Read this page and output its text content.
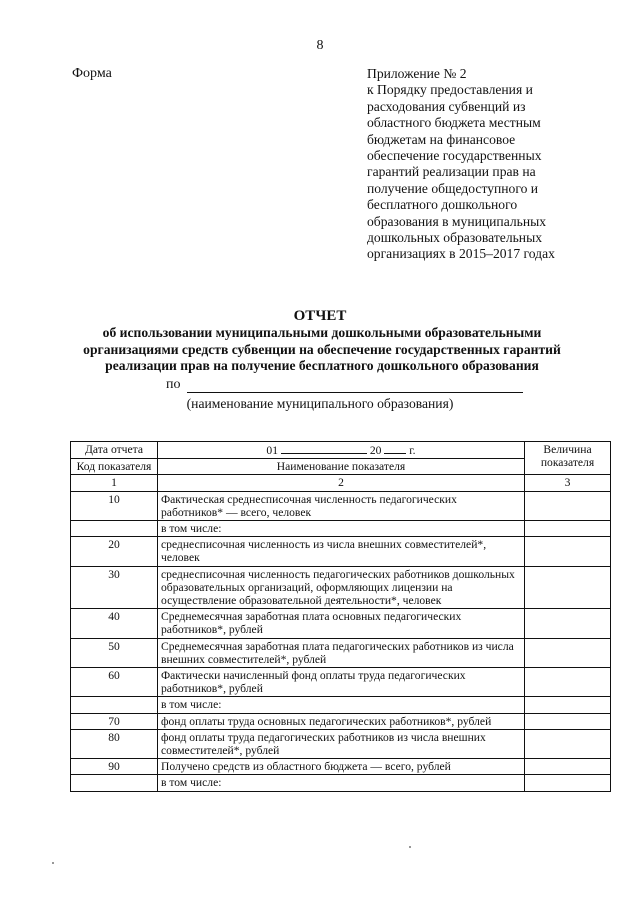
8
Форма	Приложение № 2
к Порядку предоставления и
расходования субвенций из
областного бюджета местным
бюджетам на финансовое
обеспечение государственных
гарантий реализации прав на
получение общедоступного и
бесплатного дошкольного
образования в муниципальных
дошкольных образовательных
организациях в 2015–2017 годах
ОТЧЕТ
об использовании муниципальными дошкольными образовательными
организациями средств субвенции на обеспечение государственных гарантий
реализации прав на получение бесплатного дошкольного образования
по
(наименование муниципального образования)
Дата отчета	01 20 г.	Величина показателя
Код показателя	Наименование показателя	
1	2	3
10	Фактическая среднесписочная численность педагогических работников* — всего, человек	
	в том числе:	
20	среднесписочная численность из числа внешних совместителей*, человек	
30	среднесписочная численность педагогических работников дошкольных образовательных организаций, оформляющих лицензии на осуществление образовательной деятельности*, человек	
40	Среднемесячная заработная плата основных педагогических работников*, рублей	
50	Среднемесячная заработная плата педагогических работников из числа внешних совместителей*, рублей	
60	Фактически начисленный фонд оплаты труда педагогических работников*, рублей	
	в том числе:	
70	фонд оплаты труда основных педагогических работников*, рублей	
80	фонд оплаты труда педагогических работников из числа внешних совместителей*, рублей	
90	Получено средств из областного бюджета — всего, рублей	
	в том числе:	
